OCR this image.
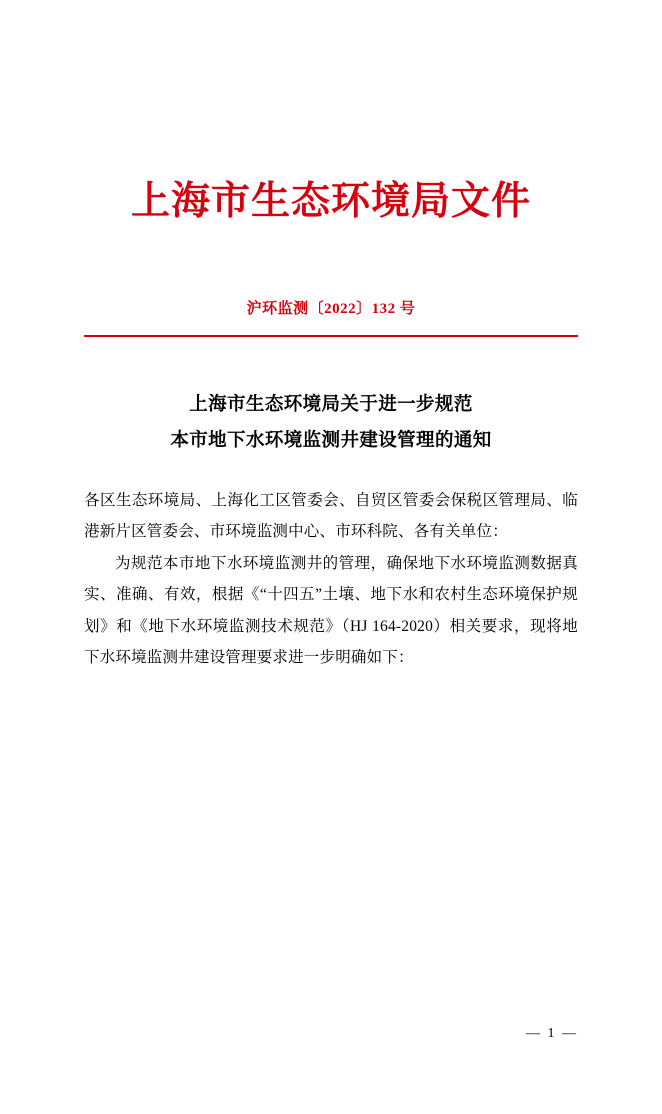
上海市生态环境局文件
沪环监测〔2022〕132 号
上海市生态环境局关于进一步规范
本市地下水环境监测井建设管理的通知

各区生态环境局、上海化工区管委会、自贸区管委会保税区管理局、临港新片区管委会、市环境监测中心、市环科院、各有关单位：

为规范本市地下水环境监测井的管理，确保地下水环境监测数据真实、准确、有效，根据《“十四五”土壤、地下水和农村生态环境保护规划》和《地下水环境监测技术规范》（HJ 164-2020）相关要求，现将地下水环境监测井建设管理要求进一步明确如下：

— 1 —
